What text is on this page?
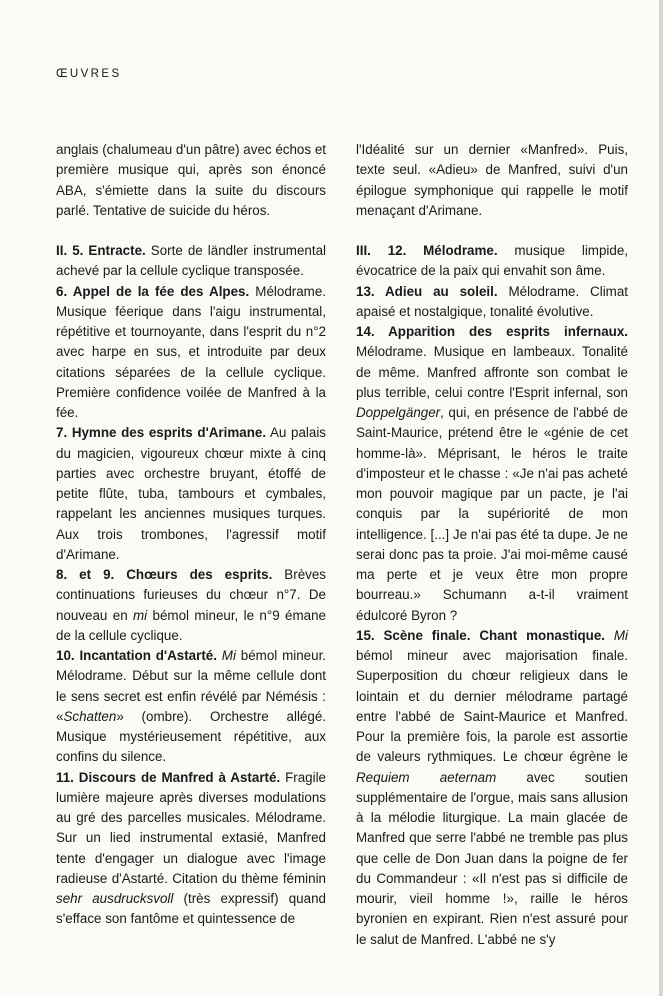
ŒUVRES

anglais (chalumeau d'un pâtre) avec échos et première musique qui, après son énoncé ABA, s'émiette dans la suite du discours parlé. Tentative de suicide du héros.

II. 5. Entracte. Sorte de ländler instrumental achevé par la cellule cyclique transposée.

6. Appel de la fée des Alpes. Mélodrame. Musique féerique dans l'aigu instrumental, répétitive et tournoyante, dans l'esprit du n°2 avec harpe en sus, et introduite par deux citations séparées de la cellule cyclique. Première confidence voilée de Manfred à la fée.

7. Hymne des esprits d'Arimane. Au palais du magicien, vigoureux chœur mixte à cinq parties avec orchestre bruyant, étoffé de petite flûte, tuba, tambours et cymbales, rappelant les anciennes musiques turques. Aux trois trombones, l'agressif motif d'Arimane.

8. et 9. Chœurs des esprits. Brèves continuations furieuses du chœur n°7. De nouveau en mi bémol mineur, le n°9 émane de la cellule cyclique.

10. Incantation d'Astarté. Mi bémol mineur. Mélodrame. Début sur la même cellule dont le sens secret est enfin révélé par Némésis : «Schatten» (ombre). Orchestre allégé. Musique mystérieusement répétitive, aux confins du silence.

11. Discours de Manfred à Astarté. Fragile lumière majeure après diverses modulations au gré des parcelles musicales. Mélodrame. Sur un lied instrumental extasié, Manfred tente d'engager un dialogue avec l'image radieuse d'Astarté. Citation du thème féminin sehr ausdrucksvoll (très expressif) quand s'efface son fantôme et quintessence de

l'Idéalité sur un dernier «Manfred». Puis, texte seul. «Adieu» de Manfred, suivi d'un épilogue symphonique qui rappelle le motif menaçant d'Arimane.

III. 12. Mélodrame. musique limpide, évocatrice de la paix qui envahit son âme.

13. Adieu au soleil. Mélodrame. Climat apaisé et nostalgique, tonalité évolutive.

14. Apparition des esprits infernaux. Mélodrame. Musique en lambeaux. Tonalité de même. Manfred affronte son combat le plus terrible, celui contre l'Esprit infernal, son Doppelgänger, qui, en présence de l'abbé de Saint-Maurice, prétend être le «génie de cet homme-là». Méprisant, le héros le traite d'imposteur et le chasse : «Je n'ai pas acheté mon pouvoir magique par un pacte, je l'ai conquis par la supériorité de mon intelligence. [...] Je n'ai pas été ta dupe. Je ne serai donc pas ta proie. J'ai moi-même causé ma perte et je veux être mon propre bourreau.» Schumann a-t-il vraiment édulcoré Byron ?

15. Scène finale. Chant monastique. Mi bémol mineur avec majorisation finale. Superposition du chœur religieux dans le lointain et du dernier mélodrame partagé entre l'abbé de Saint-Maurice et Manfred. Pour la première fois, la parole est assortie de valeurs rythmiques. Le chœur égrène le Requiem aeternam avec soutien supplémentaire de l'orgue, mais sans allusion à la mélodie liturgique. La main glacée de Manfred que serre l'abbé ne tremble pas plus que celle de Don Juan dans la poigne de fer du Commandeur : «Il n'est pas si difficile de mourir, vieil homme !», raille le héros byronien en expirant. Rien n'est assuré pour le salut de Manfred. L'abbé ne s'y
